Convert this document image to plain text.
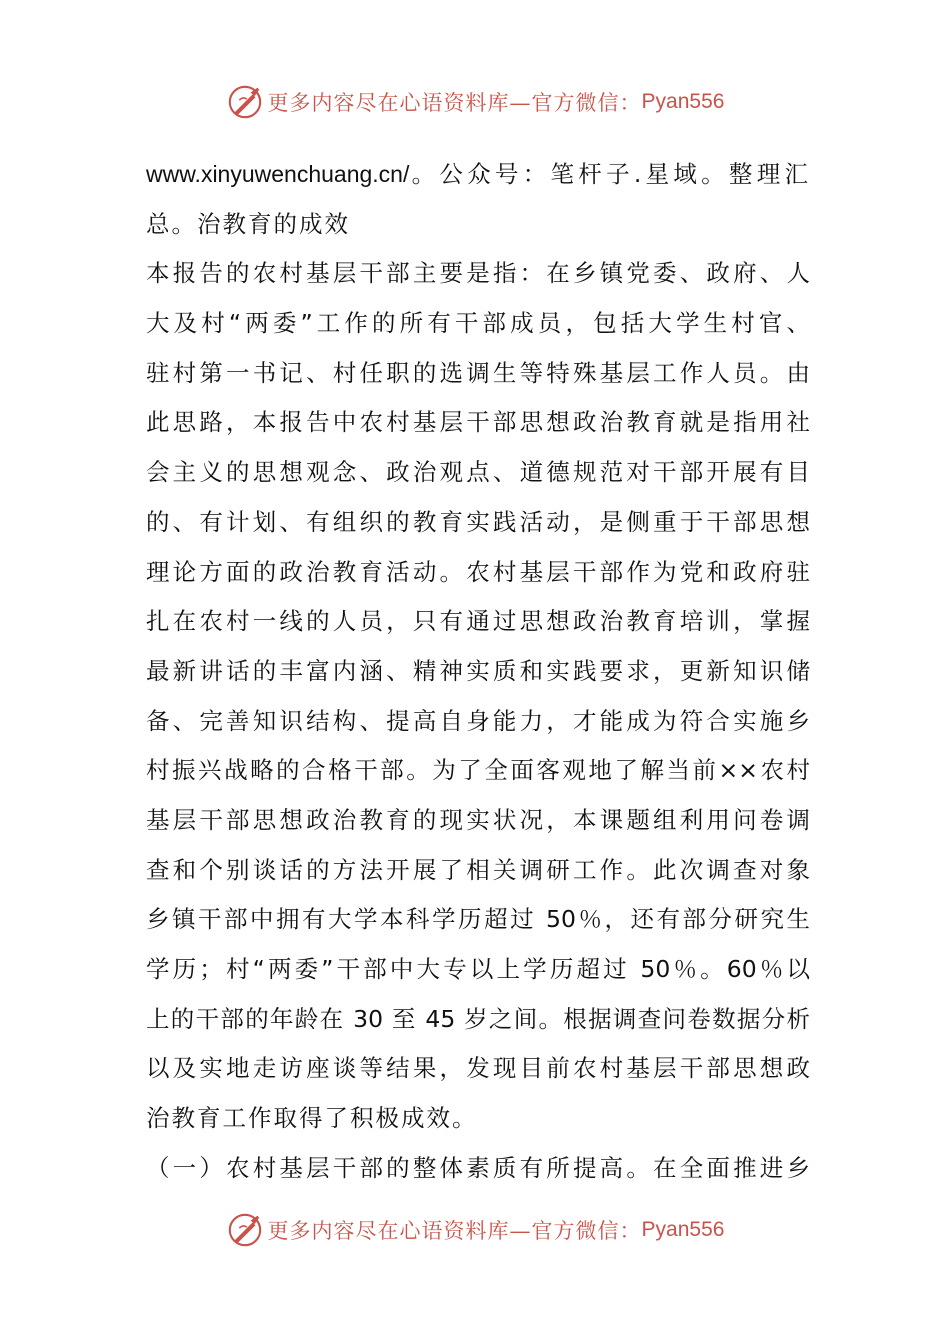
更多内容尽在心语资料库—官方微信： Pyan556
www.xinyuwenchuang.cn/。公众号：笔杆子.星域。整理汇
总。治教育的成效
本报告的农村基层干部主要是指：在乡镇党委、政府、人
大及村“两委”工作的所有干部成员，包括大学生村官、
驻村第一书记、村任职的选调生等特殊基层工作人员。由
此思路，本报告中农村基层干部思想政治教育就是指用社
会主义的思想观念、政治观点、道德规范对干部开展有目
的、有计划、有组织的教育实践活动，是侧重于干部思想
理论方面的政治教育活动。农村基层干部作为党和政府驻
扎在农村一线的人员，只有通过思想政治教育培训，掌握
最新讲话的丰富内涵、精神实质和实践要求，更新知识储
备、完善知识结构、提高自身能力，才能成为符合实施乡
村振兴战略的合格干部。为了全面客观地了解当前××农村
基层干部思想政治教育的现实状况，本课题组利用问卷调
查和个别谈话的方法开展了相关调研工作。此次调查对象
乡镇干部中拥有大学本科学历超过 50％，还有部分研究生
学历；村“两委”干部中大专以上学历超过 50％。60％以
上的干部的年龄在 30 至 45 岁之间。根据调查问卷数据分析
以及实地走访座谈等结果，发现目前农村基层干部思想政
治教育工作取得了积极成效。
（一）农村基层干部的整体素质有所提高。在全面推进乡
更多内容尽在心语资料库—官方微信： Pyan556
